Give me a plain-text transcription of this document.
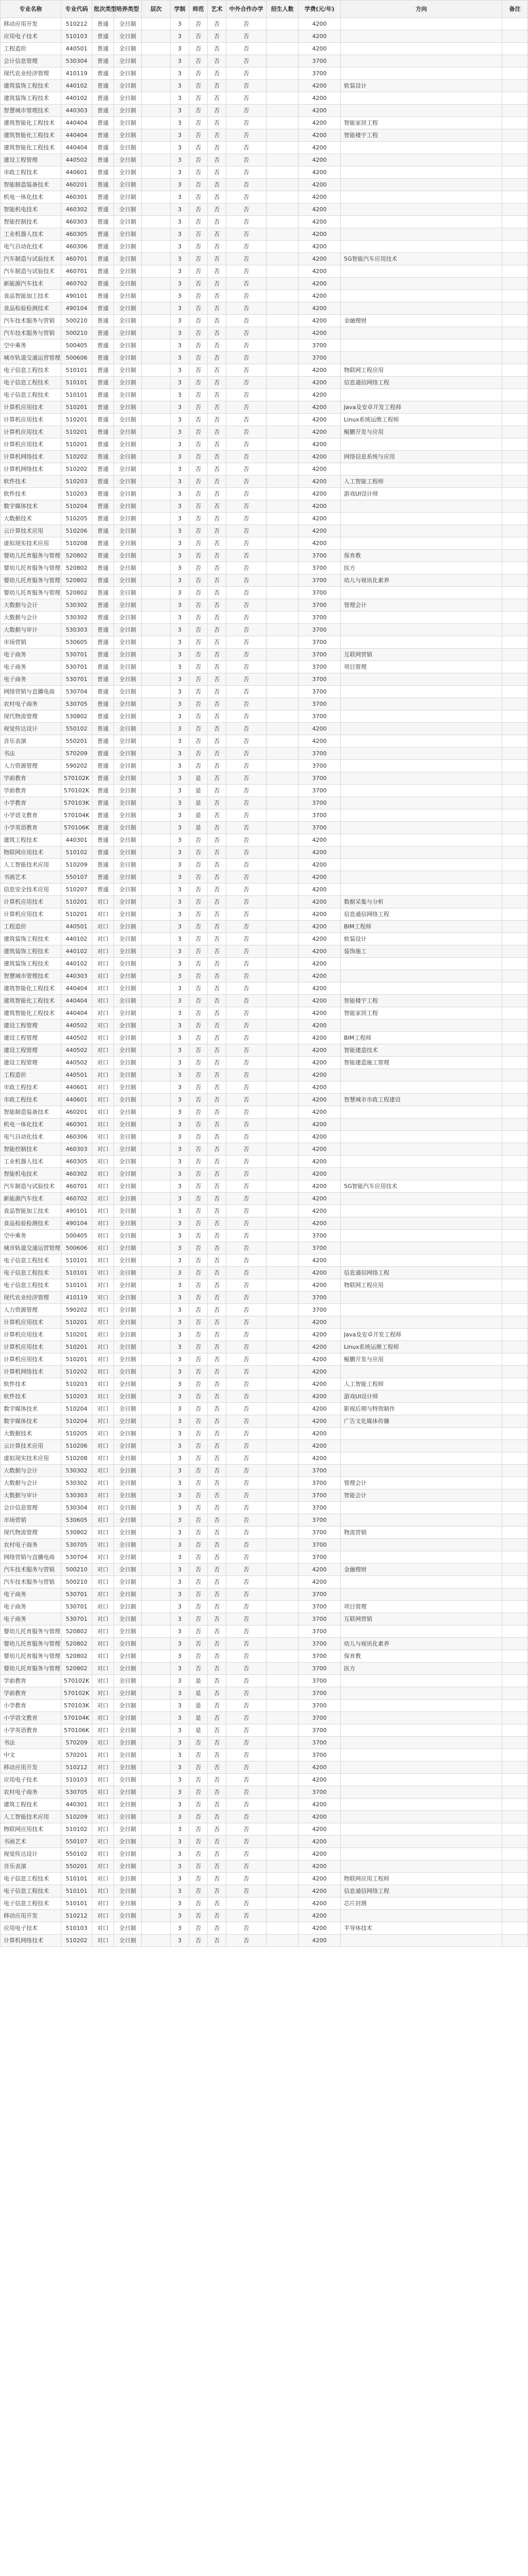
专业名称	专业代码	批次类型	培养类型	层次	学制	师范	艺术	中外合作办学	招生人数	学费(元/年)	方向	备注
移动应用开发	510212	普通	全日制		3	否	否	否		4200		
应用电子技术	510103	普通	全日制		3	否	否	否		4200		
工程造价	440501	普通	全日制		3	否	否	否		4200		
会计信息管理	530304	普通	全日制		3	否	否	否		3700		
现代农业经济管理	410119	普通	全日制		3	否	否	否		3700		
建筑装饰工程技术	440102	普通	全日制		3	否	否	否		4200	软装设计	
建筑装饰工程技术	440102	普通	全日制		3	否	否	否		4200		
智慧城市管理技术	440303	普通	全日制		3	否	否	否		4200		
建筑智能化工程技术	440404	普通	全日制		3	否	否	否		4200	智能家居工程	
建筑智能化工程技术	440404	普通	全日制		3	否	否	否		4200	智能楼宇工程	
建筑智能化工程技术	440404	普通	全日制		3	否	否	否		4200		
建设工程管理	440502	普通	全日制		3	否	否	否		4200		
市政工程技术	440601	普通	全日制		3	否	否	否		4200		
智能制造装备技术	460201	普通	全日制		3	否	否	否		4200		
机电一体化技术	460301	普通	全日制		3	否	否	否		4200		
智能机电技术	460302	普通	全日制		3	否	否	否		4200		
智能控制技术	460303	普通	全日制		3	否	否	否		4200		
工业机器人技术	460305	普通	全日制		3	否	否	否		4200		
电气自动化技术	460306	普通	全日制		3	否	否	否		4200		
汽车制造与试验技术	460701	普通	全日制		3	否	否	否		4200	5G智能汽车应用技术	
汽车制造与试验技术	460701	普通	全日制		3	否	否	否		4200		
新能源汽车技术	460702	普通	全日制		3	否	否	否		4200		
食品智能加工技术	490101	普通	全日制		3	否	否	否		4200		
食品检验检测技术	490104	普通	全日制		3	否	否	否		4200		
汽车技术服务与营销	500210	普通	全日制		3	否	否	否		4200	金融理财	
汽车技术服务与营销	500210	普通	全日制		3	否	否	否		4200		
空中乘务	500405	普通	全日制		3	否	否	否		3700		
城市轨道交通运营管理	500606	普通	全日制		3	否	否	否		3700		
电子信息工程技术	510101	普通	全日制		3	否	否	否		4200	物联网工程应用	
电子信息工程技术	510101	普通	全日制		3	否	否	否		4200	信息通信网络工程	
电子信息工程技术	510101	普通	全日制		3	否	否	否		4200		
计算机应用技术	510201	普通	全日制		3	否	否	否		4200	Java及安卓开发工程师	
计算机应用技术	510201	普通	全日制		3	否	否	否		4200	Linux系统运维工程师	
计算机应用技术	510201	普通	全日制		3	否	否	否		4200	鲲鹏开发与应用	
计算机应用技术	510201	普通	全日制		3	否	否	否		4200		
计算机网络技术	510202	普通	全日制		3	否	否	否		4200	网络信息系统与应用	
计算机网络技术	510202	普通	全日制		3	否	否	否		4200		
软件技术	510203	普通	全日制		3	否	否	否		4200	人工智能工程师	
软件技术	510203	普通	全日制		3	否	否	否		4200	游戏UI设计师	
数字媒体技术	510204	普通	全日制		3	否	否	否		4200		
大数据技术	510205	普通	全日制		3	否	否	否		4200		
云计算技术应用	510206	普通	全日制		3	否	否	否		4200		
虚拟现实技术应用	510208	普通	全日制		3	否	否	否		4200		
婴幼儿托育服务与管理	520802	普通	全日制		3	否	否	否		3700	保育教	
婴幼儿托育服务与管理	520802	普通	全日制		3	否	否	否		3700	医方	
婴幼儿托育服务与管理	520802	普通	全日制		3	否	否	否		3700	幼儿与视讯化素养	
婴幼儿托育服务与管理	520802	普通	全日制		3	否	否	否		3700		
大数据与会计	530302	普通	全日制		3	否	否	否		3700	管理会计	
大数据与会计	530302	普通	全日制		3	否	否	否		3700		
大数据与审计	530303	普通	全日制		3	否	否	否		3700		
市场营销	530605	普通	全日制		3	否	否	否		3700		
电子商务	530701	普通	全日制		3	否	否	否		3700	互联网营销	
电子商务	530701	普通	全日制		3	否	否	否		3700	项目管理	
电子商务	530701	普通	全日制		3	否	否	否		3700		
网络营销与直播电商	530704	普通	全日制		3	否	否	否		3700		
农村电子商务	530705	普通	全日制		3	否	否	否		3700		
现代物流管理	530802	普通	全日制		3	否	否	否		3700		
视觉传达设计	550102	普通	全日制		3	否	否	否		4200		
音乐表演	550201	普通	全日制		3	否	否	否		4200		
书法	570209	普通	全日制		3	否	否	否		3700		
人力资源管理	590202	普通	全日制		3	否	否	否		3700		
学前教育	570102K	普通	全日制		3	是	否	否		3700		
学前教育	570102K	普通	全日制		3	是	否	否		3700		
小学教育	570103K	普通	全日制		3	是	否	否		3700		
小学语文教育	570104K	普通	全日制		3	是	否	否		3700		
小学英语教育	570106K	普通	全日制		3	是	否	否		3700		
建筑工程技术	440301	普通	全日制		3	否	否	否		4200		
物联网应用技术	510102	普通	全日制		3	否	否	否		4200		
人工智能技术应用	510209	普通	全日制		3	否	否	否		4200		
书画艺术	550107	普通	全日制		3	否	否	否		4200		
信息安全技术应用	510207	普通	全日制		3	否	否	否		4200		
计算机应用技术	510201	对口	全日制		3	否	否	否		4200	数据采集与分析	
计算机应用技术	510201	对口	全日制		3	否	否	否		4200	信息通信网络工程	
工程造价	440501	对口	全日制		3	否	否	否		4200	BIM工程师	
建筑装饰工程技术	440102	对口	全日制		3	否	否	否		4200	软装设计	
建筑装饰工程技术	440102	对口	全日制		3	否	否	否		4200	装饰施工	
建筑装饰工程技术	440102	对口	全日制		3	否	否	否		4200		
智慧城市管理技术	440303	对口	全日制		3	否	否	否		4200		
建筑智能化工程技术	440404	对口	全日制		3	否	否	否		4200		
建筑智能化工程技术	440404	对口	全日制		3	否	否	否		4200	智能楼宇工程	
建筑智能化工程技术	440404	对口	全日制		3	否	否	否		4200	智能家居工程	
建设工程管理	440502	对口	全日制		3	否	否	否		4200		
建设工程管理	440502	对口	全日制		3	否	否	否		4200	BIM工程师	
建设工程管理	440502	对口	全日制		3	否	否	否		4200	智能建造技术	
建设工程管理	440502	对口	全日制		3	否	否	否		4200	智能建造施工管理	
工程造价	440501	对口	全日制		3	否	否	否		4200		
市政工程技术	440601	对口	全日制		3	否	否	否		4200		
市政工程技术	440601	对口	全日制		3	否	否	否		4200	智慧城市市政工程建设	
智能制造装备技术	460201	对口	全日制		3	否	否	否		4200		
机电一体化技术	460301	对口	全日制		3	否	否	否		4200		
电气自动化技术	460306	对口	全日制		3	否	否	否		4200		
智能控制技术	460303	对口	全日制		3	否	否	否		4200		
工业机器人技术	460305	对口	全日制		3	否	否	否		4200		
智能机电技术	460302	对口	全日制		3	否	否	否		4200		
汽车制造与试验技术	460701	对口	全日制		3	否	否	否		4200	5G智能汽车应用技术	
新能源汽车技术	460702	对口	全日制		3	否	否	否		4200		
食品智能加工技术	490101	对口	全日制		3	否	否	否		4200		
食品检验检测技术	490104	对口	全日制		3	否	否	否		4200		
空中乘务	500405	对口	全日制		3	否	否	否		3700		
城市轨道交通运营管理	500606	对口	全日制		3	否	否	否		3700		
电子信息工程技术	510101	对口	全日制		3	否	否	否		4200		
电子信息工程技术	510101	对口	全日制		3	否	否	否		4200	信息通信网络工程	
电子信息工程技术	510101	对口	全日制		3	否	否	否		4200	物联网工程应用	
现代农业经济管理	410119	对口	全日制		3	否	否	否		3700		
人力资源管理	590202	对口	全日制		3	否	否	否		3700		
计算机应用技术	510201	对口	全日制		3	否	否	否		4200		
计算机应用技术	510201	对口	全日制		3	否	否	否		4200	Java及安卓开发工程师	
计算机应用技术	510201	对口	全日制		3	否	否	否		4200	Linux系统运维工程师	
计算机应用技术	510201	对口	全日制		3	否	否	否		4200	鲲鹏开发与应用	
计算机网络技术	510202	对口	全日制		3	否	否	否		4200		
软件技术	510203	对口	全日制		3	否	否	否		4200	人工智能工程师	
软件技术	510203	对口	全日制		3	否	否	否		4200	游戏UI设计师	
数字媒体技术	510204	对口	全日制		3	否	否	否		4200	影视后期与特效制作	
数字媒体技术	510204	对口	全日制		3	否	否	否		4200	广告文化媒体传播	
大数据技术	510205	对口	全日制		3	否	否	否		4200		
云计算技术应用	510206	对口	全日制		3	否	否	否		4200		
虚拟现实技术应用	510208	对口	全日制		3	否	否	否		4200		
大数据与会计	530302	对口	全日制		3	否	否	否		3700		
大数据与会计	530302	对口	全日制		3	否	否	否		3700	管理会计	
大数据与审计	530303	对口	全日制		3	否	否	否		3700	智能会计	
会计信息管理	530304	对口	全日制		3	否	否	否		3700		
市场营销	530605	对口	全日制		3	否	否	否		3700		
现代物流管理	530802	对口	全日制		3	否	否	否		3700	物流营销	
农村电子商务	530705	对口	全日制		3	否	否	否		3700		
网络营销与直播电商	530704	对口	全日制		3	否	否	否		3700		
汽车技术服务与营销	500210	对口	全日制		3	否	否	否		4200	金融理财	
汽车技术服务与营销	500210	对口	全日制		3	否	否	否		4200		
电子商务	530701	对口	全日制		3	否	否	否		3700		
电子商务	530701	对口	全日制		3	否	否	否		3700	项目管理	
电子商务	530701	对口	全日制		3	否	否	否		3700	互联网营销	
婴幼儿托育服务与管理	520802	对口	全日制		3	否	否	否		3700		
婴幼儿托育服务与管理	520802	对口	全日制		3	否	否	否		3700	幼儿与视讯化素养	
婴幼儿托育服务与管理	520802	对口	全日制		3	否	否	否		3700	保育教	
婴幼儿托育服务与管理	520802	对口	全日制		3	否	否	否		3700	医方	
学前教育	570102K	对口	全日制		3	是	否	否		3700		
学前教育	570102K	对口	全日制		3	是	否	否		3700		
小学教育	570103K	对口	全日制		3	是	否	否		3700		
小学语文教育	570104K	对口	全日制		3	是	否	否		3700		
小学英语教育	570106K	对口	全日制		3	是	否	否		3700		
书法	570209	对口	全日制		3	否	否	否		3700		
中文	570201	对口	全日制		3	否	否	否		3700		
移动应用开发	510212	对口	全日制		3	否	否	否		4200		
应用电子技术	510103	对口	全日制		3	否	否	否		4200		
农村电子商务	530705	对口	全日制		3	否	否	否		3700		
建筑工程技术	440301	对口	全日制		3	否	否	否		4200		
人工智能技术应用	510209	对口	全日制		3	否	否	否		4200		
物联网应用技术	510102	对口	全日制		3	否	否	否		4200		
书画艺术	550107	对口	全日制		3	否	否	否		4200		
视觉传达设计	550102	对口	全日制		3	否	否	否		4200		
音乐表演	550201	对口	全日制		3	否	否	否		4200		
电子信息工程技术	510101	对口	全日制		3	否	否	否		4200	物联网应用工程师	
电子信息工程技术	510101	对口	全日制		3	否	否	否		4200	信息通信网络工程	
电子信息工程技术	510101	对口	全日制		3	否	否	否		4200	芯片封测	
移动应用开发	510212	对口	全日制		3	否	否	否		4200		
应用电子技术	510103	对口	全日制		3	否	否	否		4200	半导体技术	
计算机网络技术	510202	对口	全日制		3	否	否	否		4200		
